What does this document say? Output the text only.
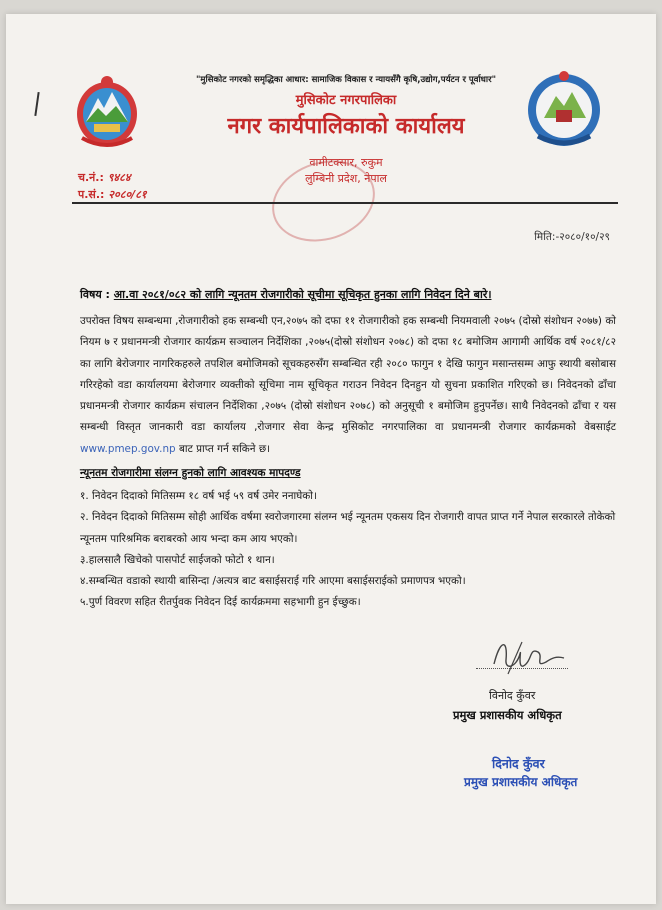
"मुसिकोट नगरको समृद्धिका आधार: सामाजिक विकास र न्यायसँगै कृषि,उद्योग,पर्यटन र पूर्वाधार"
मुसिकोट नगरपालिका
नगर कार्यपालिकाको कार्यालय
वामीटक्सार, रुकुम
लुम्बिनी प्रदेश, नेपाल
च.नं.: ९४८४
प.सं.: २०८०/८१
मिति:-२०८०/१०/२९
विषय : आ.वा २०८१/०८२ को लागि न्यूनतम रोजगारीको सूचीमा सूचिकृत हुनका लागि निवेदन दिने बारे।
उपरोक्त विषय सम्बन्धमा ,रोजगारीको हक सम्बन्धी एन,२०७५ को दफा ११ रोजगारीको हक सम्बन्धी नियमवाली २०७५ (दोस्रो संशोधन २०७७) को नियम ७ र प्रधानमन्त्री रोजगार कार्यक्रम सञ्चालन निर्देशिका ,२०७५(दोस्रो संशोधन २०७८) को दफा १८ बमोजिम आगामी आर्थिक वर्ष २०८१/८२ का लागि बेरोजगार नागरिकहरुले तपशिल बमोजिमको सूचकहरुसँग सम्बन्धित रही २०८० फागुन १ देखि फागुन मसान्तसम्म आफु स्थायी बसोबास गरिरहेको वडा कार्यालयमा बेरोजगार व्यक्तीको सूचिमा नाम सूचिकृत गराउन निवेदन दिनहुन यो सुचना प्रकाशित गरिएको छ। निवेदनको ढाँचा प्रधानमन्त्री रोजगार कार्यक्रम संचालन निर्देशिका ,२०७५ (दोस्रो संशोधन २०७८) को अनुसूची १ बमोजिम हुनुपर्नेछ। साथै निवेदनको ढाँचा र यस सम्बन्धी विस्तृत जानकारी वडा कार्यालय ,रोजगार सेवा केन्द्र मुसिकोट नगरपालिका वा प्रधानमन्त्री रोजगार कार्यक्रमको वेबसाईट www.pmep.gov.np बाट प्राप्त गर्न सकिने छ।
न्यूनतम रोजगारीमा संलग्न हुनको लागि आवश्यक मापदण्ड
१. निवेदन दिदाको मितिसम्म १८ वर्ष भई ५९ वर्ष उमेर ननाघेको।
२. निवेदन दिदाको मितिसम्म सोही आर्थिक वर्षमा स्वरोजगारमा संलग्न भई न्यूनतम एकसय दिन रोजगारी वापत प्राप्त गर्ने नेपाल सरकारले तोकेको न्यूनतम पारिश्रमिक बराबरको आय भन्दा कम आय भएको।
३.हालसालै खिचेको पासपोर्ट साईजको फोटो १ थान।
४.सम्बन्धित वडाको स्थायी बासिन्दा /अत्यत्र बाट बसाईसराई गरि आएमा बसाईसराईको प्रमाणपत्र भएको।
५.पुर्ण विवरण सहित रीतर्पुवक निवेदन दिई कार्यक्रममा सहभागी हुन ईच्छुक।
विनोद कुँवर
प्रमुख प्रशासकीय अधिकृत
दिनोद कुँवर
प्रमुख प्रशासकीय अधिकृत
